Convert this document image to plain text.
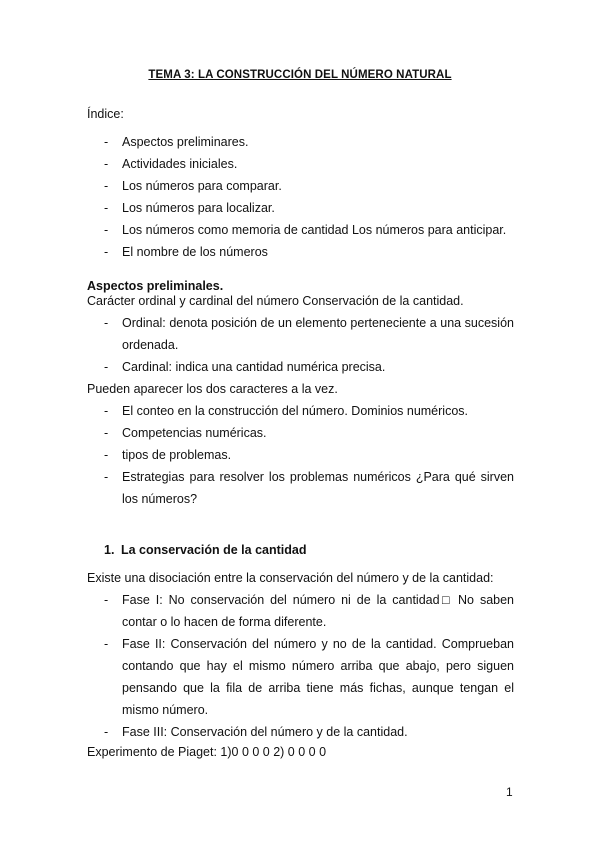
TEMA 3: LA CONSTRUCCIÓN DEL NÚMERO NATURAL
Índice:
- Aspectos preliminares.
- Actividades iniciales.
- Los números para comparar.
- Los números para localizar.
- Los números como memoria de cantidad Los números para anticipar.
- El nombre de los números
Aspectos preliminales.
Carácter ordinal y cardinal del número Conservación de la cantidad.
- Ordinal: denota posición de un elemento perteneciente a una sucesión ordenada.
- Cardinal: indica una cantidad numérica precisa.
Pueden aparecer los dos caracteres a la vez.
- El conteo en la construcción del número. Dominios numéricos.
- Competencias numéricas.
- tipos de problemas.
- Estrategias para resolver los problemas numéricos ¿Para qué sirven los números?
1. La conservación de la cantidad
Existe una disociación entre la conservación del número y de la cantidad:
- Fase I: No conservación del número ni de la cantidad□ No saben contar o lo hacen de forma diferente.
- Fase II: Conservación del número y no de la cantidad. Comprueban contando que hay el mismo número arriba que abajo, pero siguen pensando que la fila de arriba tiene más fichas, aunque tengan el mismo número.
- Fase III: Conservación del número y de la cantidad.
Experimento de Piaget: 1)0 0 0 0 2) 0 0 0 0
1
